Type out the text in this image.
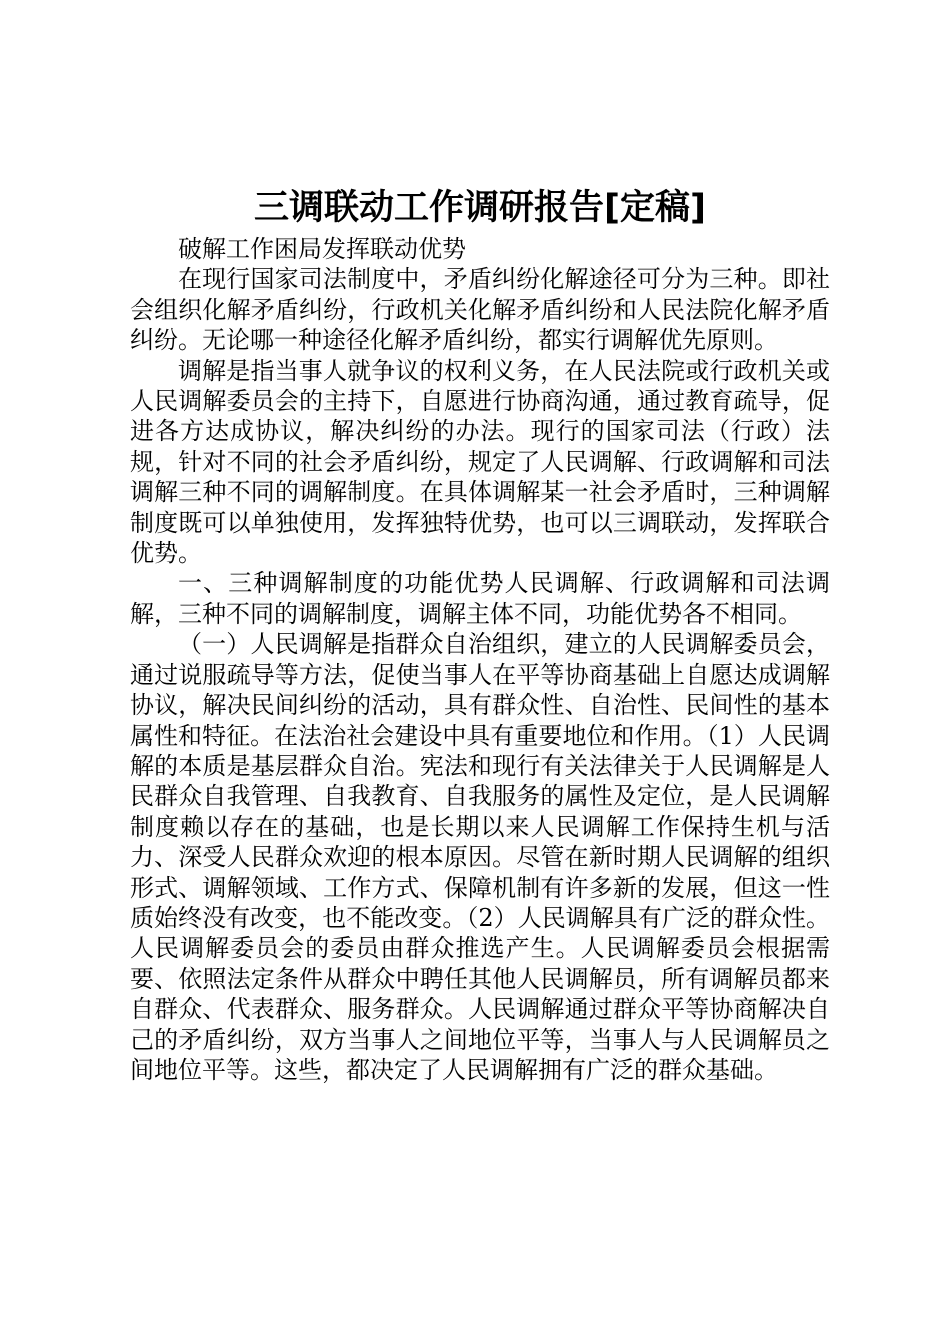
三调联动工作调研报告[定稿]

破解工作困局发挥联动优势

在现行国家司法制度中，矛盾纠纷化解途径可分为三种。即社会组织化解矛盾纠纷，行政机关化解矛盾纠纷和人民法院化解矛盾纠纷。无论哪一种途径化解矛盾纠纷，都实行调解优先原则。

调解是指当事人就争议的权利义务，在人民法院或行政机关或人民调解委员会的主持下，自愿进行协商沟通，通过教育疏导，促进各方达成协议，解决纠纷的办法。现行的国家司法（行政）法规，针对不同的社会矛盾纠纷，规定了人民调解、行政调解和司法调解三种不同的调解制度。在具体调解某一社会矛盾时，三种调解制度既可以单独使用，发挥独特优势，也可以三调联动，发挥联合优势。

一、三种调解制度的功能优势人民调解、行政调解和司法调解，三种不同的调解制度，调解主体不同，功能优势各不相同。

（一）人民调解是指群众自治组织，建立的人民调解委员会，通过说服疏导等方法，促使当事人在平等协商基础上自愿达成调解协议，解决民间纠纷的活动，具有群众性、自治性、民间性的基本属性和特征。在法治社会建设中具有重要地位和作用。（1）人民调解的本质是基层群众自治。宪法和现行有关法律关于人民调解是人民群众自我管理、自我教育、自我服务的属性及定位，是人民调解制度赖以存在的基础，也是长期以来人民调解工作保持生机与活力、深受人民群众欢迎的根本原因。尽管在新时期人民调解的组织形式、调解领域、工作方式、保障机制有许多新的发展，但这一性质始终没有改变，也不能改变。（2）人民调解具有广泛的群众性。人民调解委员会的委员由群众推选产生。人民调解委员会根据需要、依照法定条件从群众中聘任其他人民调解员，所有调解员都来自群众、代表群众、服务群众。人民调解通过群众平等协商解决自己的矛盾纠纷，双方当事人之间地位平等，当事人与人民调解员之间地位平等。这些，都决定了人民调解拥有广泛的群众基础。
